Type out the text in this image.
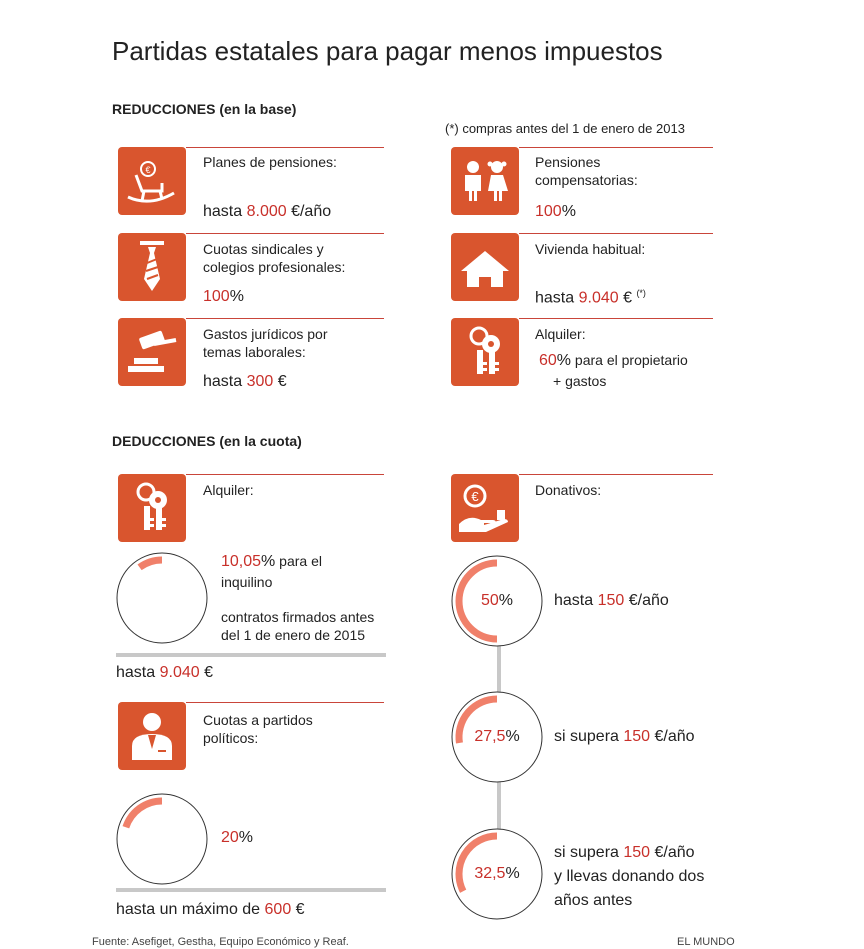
Partidas estatales para pagar menos impuestos
REDUCCIONES (en la base)
(*) compras antes del 1 de enero de 2013
€	Planes de pensiones:
hasta 8.000 €/año
Pensiones compensatorias:
100%
Cuotas sindicales y colegios profesionales:
100%
Vivienda habitual:
hasta 9.040 € (*)
Gastos jurídicos por temas laborales:
hasta 300 €
Alquiler:
60% para el propietario
+ gastos
DEDUCCIONES (en la cuota)
Alquiler:
10,05% para el
inquilino
contratos firmados antes
del 1 de enero de 2015
hasta 9.040 €
Cuotas a partidos políticos:
20%
hasta un máximo de 600 €
€	Donativos:
50%	hasta 150 €/año
27,5%	si supera 150 €/año
32,5%
si supera 150 €/año
y llevas donando dos
años antes
Fuente: Asefiget, Gestha, Equipo Económico y Reaf.	EL MUNDO
